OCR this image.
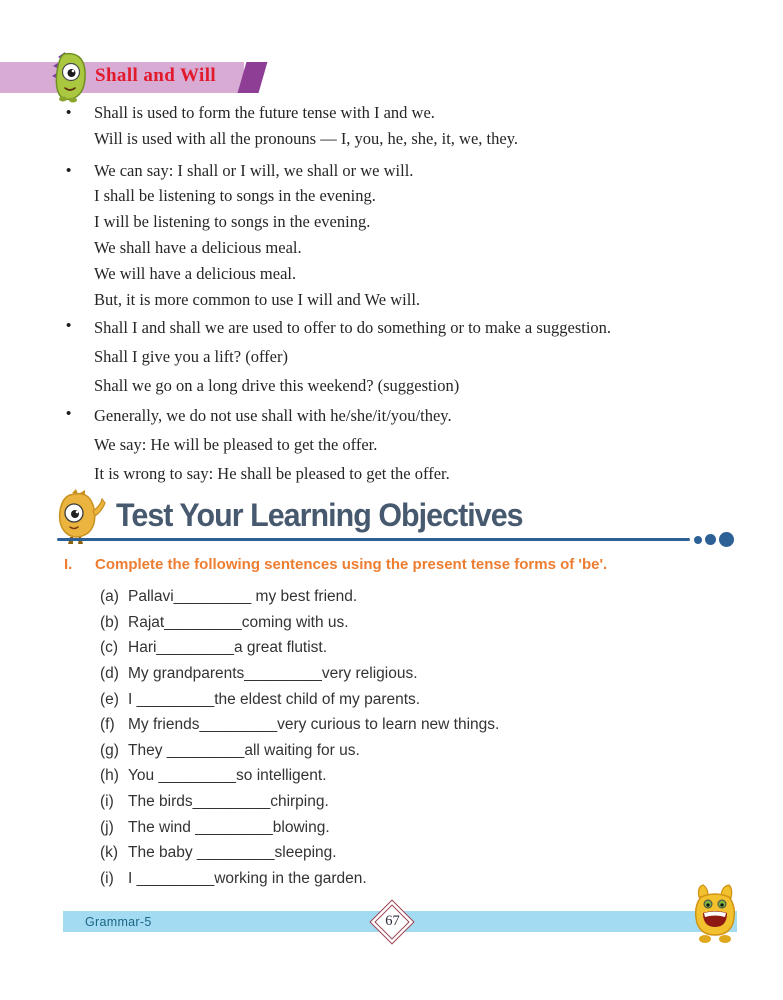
Shall and Will
•	Shall is used to form the future tense with I and we.
Will is used with all the pronouns — I, you, he, she, it, we, they.
•	We can say: I shall or I will, we shall or we will.
I shall be listening to songs in the evening.
I will be listening to songs in the evening.
We shall have a delicious meal.
We will have a delicious meal.
But, it is more common to use I will and We will.
•	Shall I and shall we are used to offer to do something or to make a suggestion.
Shall I give you a lift? (offer)
Shall we go on a long drive this weekend? (suggestion)
•	Generally, we do not use shall with he/she/it/you/they.
We say: He will be pleased to get the offer.
It is wrong to say: He shall be pleased to get the offer.
Test Your Learning Objectives
I.	Complete the following sentences using the present tense forms of 'be'.
(a) Pallavi_________ my best friend.
(b) Rajat_________coming with us.
(c) Hari_________a great flutist.
(d) My grandparents_________very religious.
(e) I _________the eldest child of my parents.
(f) My friends_________very curious to learn new things.
(g) They _________all waiting for us.
(h) You _________so intelligent.
(i) The birds_________chirping.
(j) The wind _________blowing.
(k) The baby _________sleeping.
(i) I _________working in the garden.
Grammar-5	67
